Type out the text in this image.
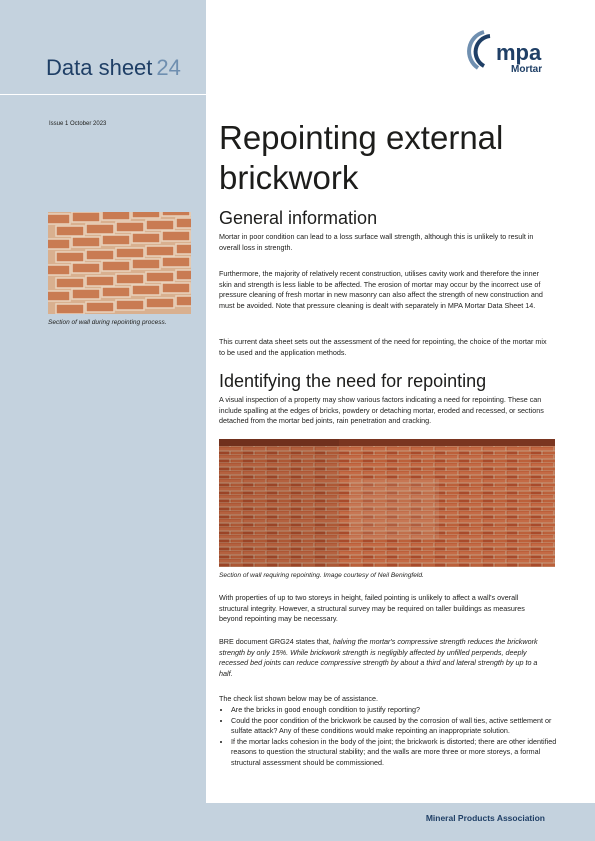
Data sheet 24
mpa
Mortar
Issue 1 October 2023
Section of wall during repointing process.
Repointing external brickwork
General information

Mortar in poor condition can lead to a loss surface wall strength, although this is unlikely to result in overall loss in strength.

Furthermore, the majority of relatively recent construction, utilises cavity work and therefore the inner skin and strength is less liable to be affected. The erosion of mortar may occur by the incorrect use of pressure cleaning of fresh mortar in new masonry can also affect the strength of new construction and must be avoided. Note that pressure cleaning is dealt with separately in MPA Mortar Data Sheet 14.

This current data sheet sets out the assessment of the need for repointing, the choice of the mortar mix to be used and the application methods.

Identifying the need for repointing

A visual inspection of a property may show various factors indicating a need for repointing. These can include spalling at the edges of bricks, powdery or detaching mortar, eroded and recessed, or sections detached from the mortar bed joints, rain penetration and cracking.

Section of wall requiring repointing. Image courtesy of Neil Beningfeld.

With properties of up to two storeys in height, failed pointing is unlikely to affect a wall's overall structural integrity. However, a structural survey may be required on taller buildings as measures beyond repointing may be necessary.

BRE document GRG24 states that, halving the mortar's compressive strength reduces the brickwork strength by only 15%. While brickwork strength is negligibly affected by unfilled perpends, deeply recessed bed joints can reduce compressive strength by about a third and lateral strength by up to a half.

The check list shown below may be of assistance.

• Are the bricks in good enough condition to justify reporting?
• Could the poor condition of the brickwork be caused by the corrosion of wall ties, active settlement or sulfate attack? Any of these conditions would make repointing an inappropriate solution.
• If the mortar lacks cohesion in the body of the joint; the brickwork is distorted; there are other identified reasons to question the structural stability; and the walls are more three or more storeys, a formal structural assessment should be commissioned.
Mineral Products Association
